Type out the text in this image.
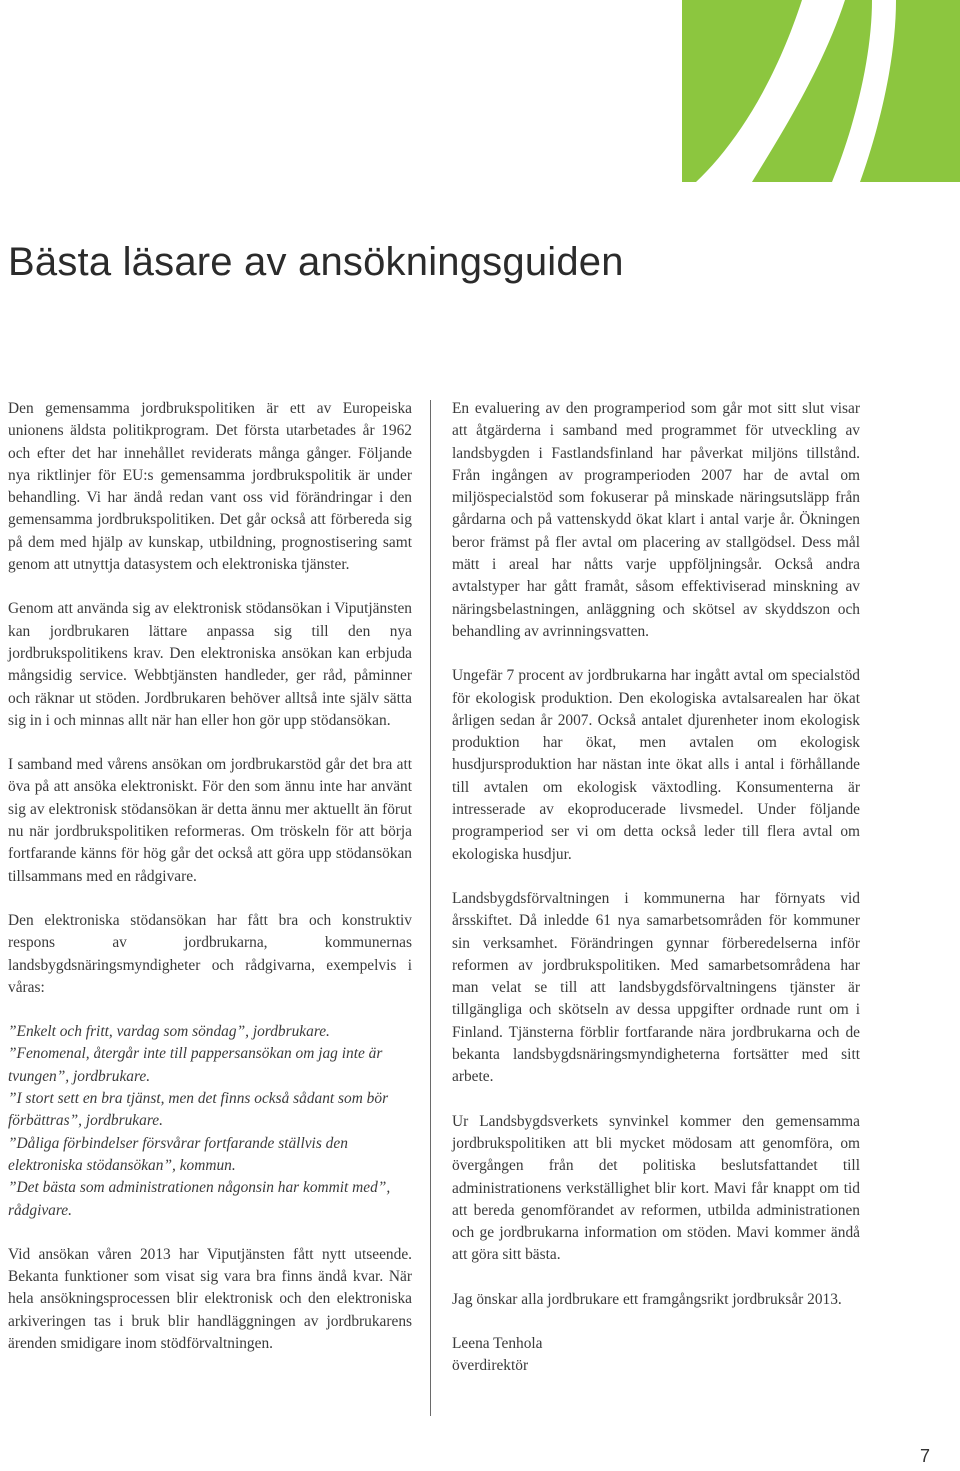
Bästa läsare av ansökningsguiden

Den gemensamma jordbrukspolitiken är ett av Europeiska unionens äldsta politikprogram. Det första utarbetades år 1962 och efter det har innehållet reviderats många gånger. Följande nya riktlinjer för EU:s gemensamma jordbrukspolitik är under behandling. Vi har ändå redan vant oss vid förändringar i den gemensamma jordbrukspolitiken. Det går också att förbereda sig på dem med hjälp av kunskap, utbildning, prognostisering samt genom att utnyttja datasystem och elektroniska tjänster.

Genom att använda sig av elektronisk stödansökan i Viputjänsten kan jordbrukaren lättare anpassa sig till den nya jordbrukspolitikens krav. Den elektroniska ansökan kan erbjuda mångsidig service. Webbtjänsten handleder, ger råd, påminner och räknar ut stöden. Jordbrukaren behöver alltså inte själv sätta sig in i och minnas allt när han eller hon gör upp stödansökan.

I samband med vårens ansökan om jordbrukarstöd går det bra att öva på att ansöka elektroniskt. För den som ännu inte har använt sig av elektronisk stödansökan är detta ännu mer aktuellt än förut nu när jordbrukspolitiken reformeras. Om tröskeln för att börja fortfarande känns för hög går det också att göra upp stödansökan tillsammans med en rådgivare.

Den elektroniska stödansökan har fått bra och konstruktiv respons av jordbrukarna, kommunernas landsbygdsnäringsmyndigheter och rådgivarna, exempelvis i våras:

”Enkelt och fritt, vardag som söndag”, jordbrukare.

”Fenomenal, återgår inte till pappersansökan om jag inte är tvungen”, jordbrukare.

”I stort sett en bra tjänst, men det finns också sådant som bör förbättras”, jordbrukare.

”Dåliga förbindelser försvårar fortfarande ställvis den elektroniska stödansökan”, kommun.

”Det bästa som administrationen någonsin har kommit med”, rådgivare.

Vid ansökan våren 2013 har Viputjänsten fått nytt utseende. Bekanta funktioner som visat sig vara bra finns ändå kvar. När hela ansökningsprocessen blir elektronisk och den elektroniska arkiveringen tas i bruk blir handläggningen av jordbrukarens ärenden smidigare inom stödförvaltningen.

En evaluering av den programperiod som går mot sitt slut visar att åtgärderna i samband med programmet för utveckling av landsbygden i Fastlandsfinland har påverkat miljöns tillstånd. Från ingången av programperioden 2007 har de avtal om miljöspecialstöd som fokuserar på minskade näringsutsläpp från gårdarna och på vattenskydd ökat klart i antal varje år. Ökningen beror främst på fler avtal om placering av stallgödsel. Dess mål mätt i areal har nåtts varje uppföljningsår. Också andra avtalstyper har gått framåt, såsom effektiviserad minskning av näringsbelastningen, anläggning och skötsel av skyddszon och behandling av avrinningsvatten.

Ungefär 7 procent av jordbrukarna har ingått avtal om specialstöd för ekologisk produktion. Den ekologiska avtalsarealen har ökat årligen sedan år 2007. Också antalet djurenheter inom ekologisk produktion har ökat, men avtalen om ekologisk husdjursproduktion har nästan inte ökat alls i antal i förhållande till avtalen om ekologisk växtodling. Konsumenterna är intresserade av ekoproducerade livsmedel. Under följande programperiod ser vi om detta också leder till flera avtal om ekologiska husdjur.

Landsbygdsförvaltningen i kommunerna har förnyats vid årsskiftet. Då inledde 61 nya samarbetsområden för kommuner sin verksamhet. Förändringen gynnar förberedelserna inför reformen av jordbrukspolitiken. Med samarbetsområdena har man velat se till att landsbygdsförvaltningens tjänster är tillgängliga och skötseln av dessa uppgifter ordnade runt om i Finland. Tjänsterna förblir fortfarande nära jordbrukarna och de bekanta landsbygdsnäringsmyndigheterna fortsätter med sitt arbete.

Ur Landsbygdsverkets synvinkel kommer den gemensamma jordbrukspolitiken att bli mycket mödosam att genomföra, om övergången från det politiska beslutsfattandet till administrationens verkställighet blir kort. Mavi får knappt om tid att bereda genomförandet av reformen, utbilda administrationen och ge jordbrukarna information om stöden. Mavi kommer ändå att göra sitt bästa.

Jag önskar alla jordbrukare ett framgångsrikt jordbruksår 2013.

Leena Tenhola

överdirektör

7
